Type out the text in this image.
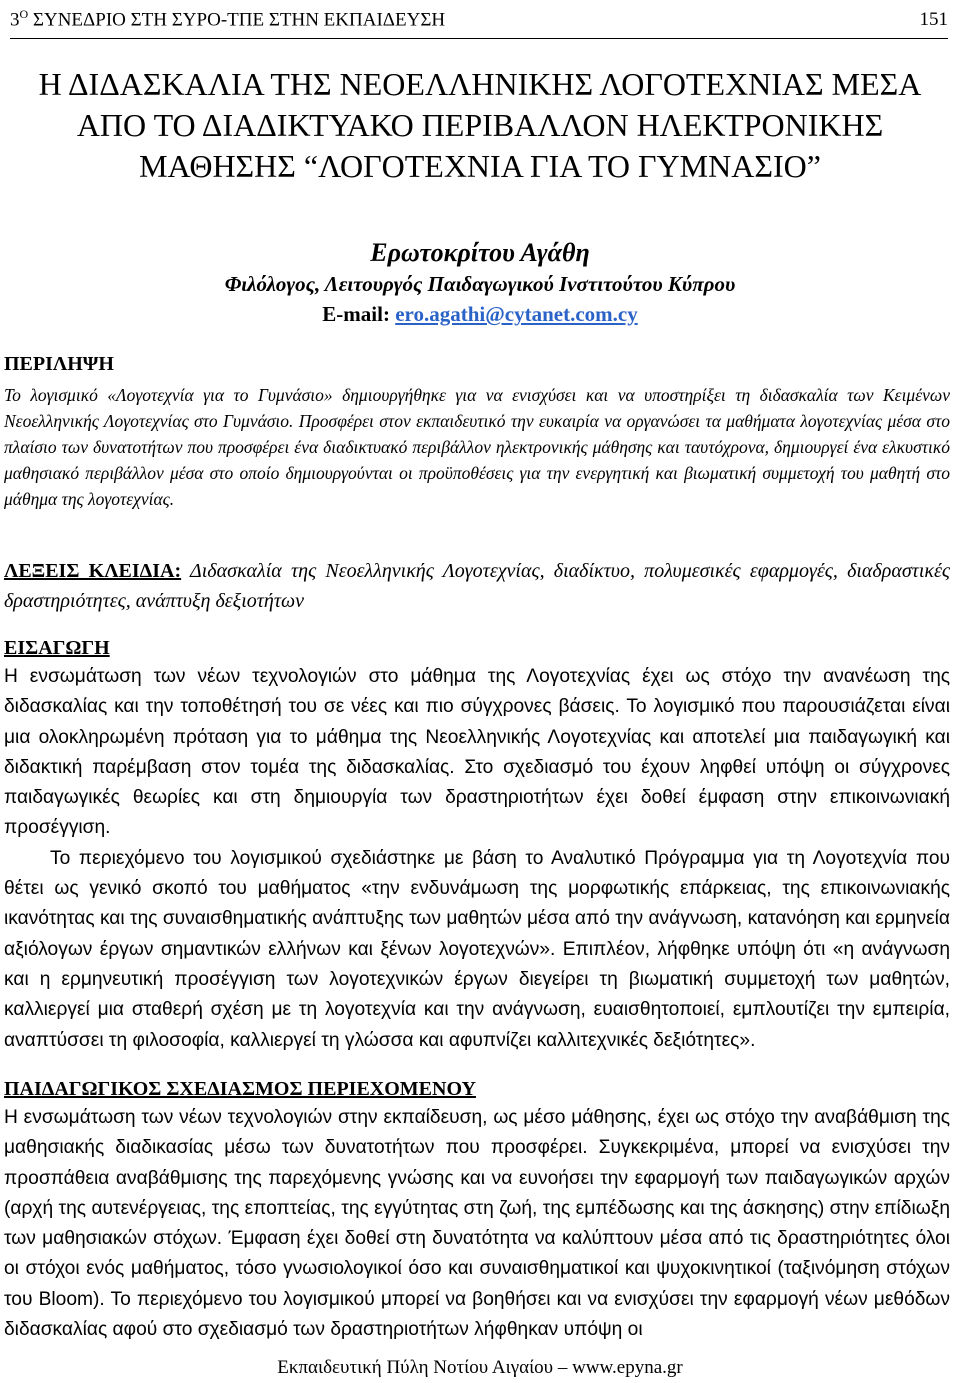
$3^O$ ΣΥΝΕΔΡΙΟ ΣΤΗ ΣΥΡΟ-ΤΠΕ ΣΤΗΝ ΕΚΠΑΙΔΕΥΣΗ	151
Η ΔΙΔΑΣΚΑΛΙΑ ΤΗΣ ΝΕΟΕΛΛΗΝΙΚΗΣ ΛΟΓΟΤΕΧΝΙΑΣ ΜΕΣΑ
ΑΠΟ ΤΟ ΔΙΑΔΙΚΤΥΑΚΟ ΠΕΡΙΒΑΛΛΟΝ ΗΛΕΚΤΡΟΝΙΚΗΣ
ΜΑΘΗΣΗΣ “ΛΟΓΟΤΕΧΝΙΑ ΓΙΑ ΤΟ ΓΥΜΝΑΣΙΟ”
Ερωτοκρίτου Αγάθη
Φιλόλογος, Λειτουργός Παιδαγωγικού Ινστιτούτου Κύπρου
E-mail: ero.agathi@cytanet.com.cy
ΠΕΡΙΛΗΨΗ
Το λογισμικό «Λογοτεχνία για το Γυμνάσιο» δημιουργήθηκε για να ενισχύσει και να υποστηρίξει τη διδασκαλία των Κειμένων Νεοελληνικής Λογοτεχνίας στο Γυμνάσιο. Προσφέρει στον εκπαιδευτικό την ευκαιρία να οργανώσει τα μαθήματα λογοτεχνίας μέσα στο πλαίσιο των δυνατοτήτων που προσφέρει ένα διαδικτυακό περιβάλλον ηλεκτρονικής μάθησης και ταυτόχρονα, δημιουργεί ένα ελκυστικό μαθησιακό περιβάλλον μέσα στο οποίο δημιουργούνται οι προϋποθέσεις για την ενεργητική και βιωματική συμμετοχή του μαθητή στο μάθημα της λογοτεχνίας.
ΛΕΞΕΙΣ ΚΛΕΙΔΙΑ: Διδασκαλία της Νεοελληνικής Λογοτεχνίας, διαδίκτυο, πολυμεσικές εφαρμογές, διαδραστικές δραστηριότητες, ανάπτυξη δεξιοτήτων
ΕΙΣΑΓΩΓΗ

Η ενσωμάτωση των νέων τεχνολογιών στο μάθημα της Λογοτεχνίας έχει ως στόχο την ανανέωση της διδασκαλίας και την τοποθέτησή του σε νέες και πιο σύγχρονες βάσεις. Το λογισμικό που παρουσιάζεται είναι μια ολοκληρωμένη πρόταση για το μάθημα της Νεοελληνικής Λογοτεχνίας και αποτελεί μια παιδαγωγική και διδακτική παρέμβαση στον τομέα της διδασκαλίας. Στο σχεδιασμό του έχουν ληφθεί υπόψη οι σύγχρονες παιδαγωγικές θεωρίες και στη δημιουργία των δραστηριοτήτων έχει δοθεί έμφαση στην επικοινωνιακή προσέγγιση.

Το περιεχόμενο του λογισμικού σχεδιάστηκε με βάση το Αναλυτικό Πρόγραμμα για τη Λογοτεχνία που θέτει ως γενικό σκοπό του μαθήματος «την ενδυνάμωση της μορφωτικής επάρκειας, της επικοινωνιακής ικανότητας και της συναισθηματικής ανάπτυξης των μαθητών μέσα από την ανάγνωση, κατανόηση και ερμηνεία αξιόλογων έργων σημαντικών ελλήνων και ξένων λογοτεχνών». Επιπλέον, λήφθηκε υπόψη ότι «η ανάγνωση και η ερμηνευτική προσέγγιση των λογοτεχνικών έργων διεγείρει τη βιωματική συμμετοχή των μαθητών, καλλιεργεί μια σταθερή σχέση με τη λογοτεχνία και την ανάγνωση, ευαισθητοποιεί, εμπλουτίζει την εμπειρία, αναπτύσσει τη φιλοσοφία, καλλιεργεί τη γλώσσα και αφυπνίζει καλλιτεχνικές δεξιότητες».

ΠΑΙΔΑΓΩΓΙΚΟΣ ΣΧΕΔΙΑΣΜΟΣ ΠΕΡΙΕΧΟΜΕΝΟΥ

Η ενσωμάτωση των νέων τεχνολογιών στην εκπαίδευση, ως μέσο μάθησης, έχει ως στόχο την αναβάθμιση της μαθησιακής διαδικασίας μέσω των δυνατοτήτων που προσφέρει. Συγκεκριμένα, μπορεί να ενισχύσει την προσπάθεια αναβάθμισης της παρεχόμενης γνώσης και να ευνοήσει την εφαρμογή των παιδαγωγικών αρχών (αρχή της αυτενέργειας, της εποπτείας, της εγγύτητας στη ζωή, της εμπέδωσης και της άσκησης) στην επίδιωξη των μαθησιακών στόχων. Έμφαση έχει δοθεί στη δυνατότητα να καλύπτουν μέσα από τις δραστηριότητες όλοι οι στόχοι ενός μαθήματος, τόσο γνωσιολογικοί όσο και συναισθηματικοί και ψυχοκινητικοί (ταξινόμηση στόχων του Bloom). Το περιεχόμενο του λογισμικού μπορεί να βοηθήσει και να ενισχύσει την εφαρμογή νέων μεθόδων διδασκαλίας αφού στο σχεδιασμό των δραστηριοτήτων λήφθηκαν υπόψη οι

Εκπαιδευτική Πύλη Νοτίου Αιγαίου – www.epyna.gr
